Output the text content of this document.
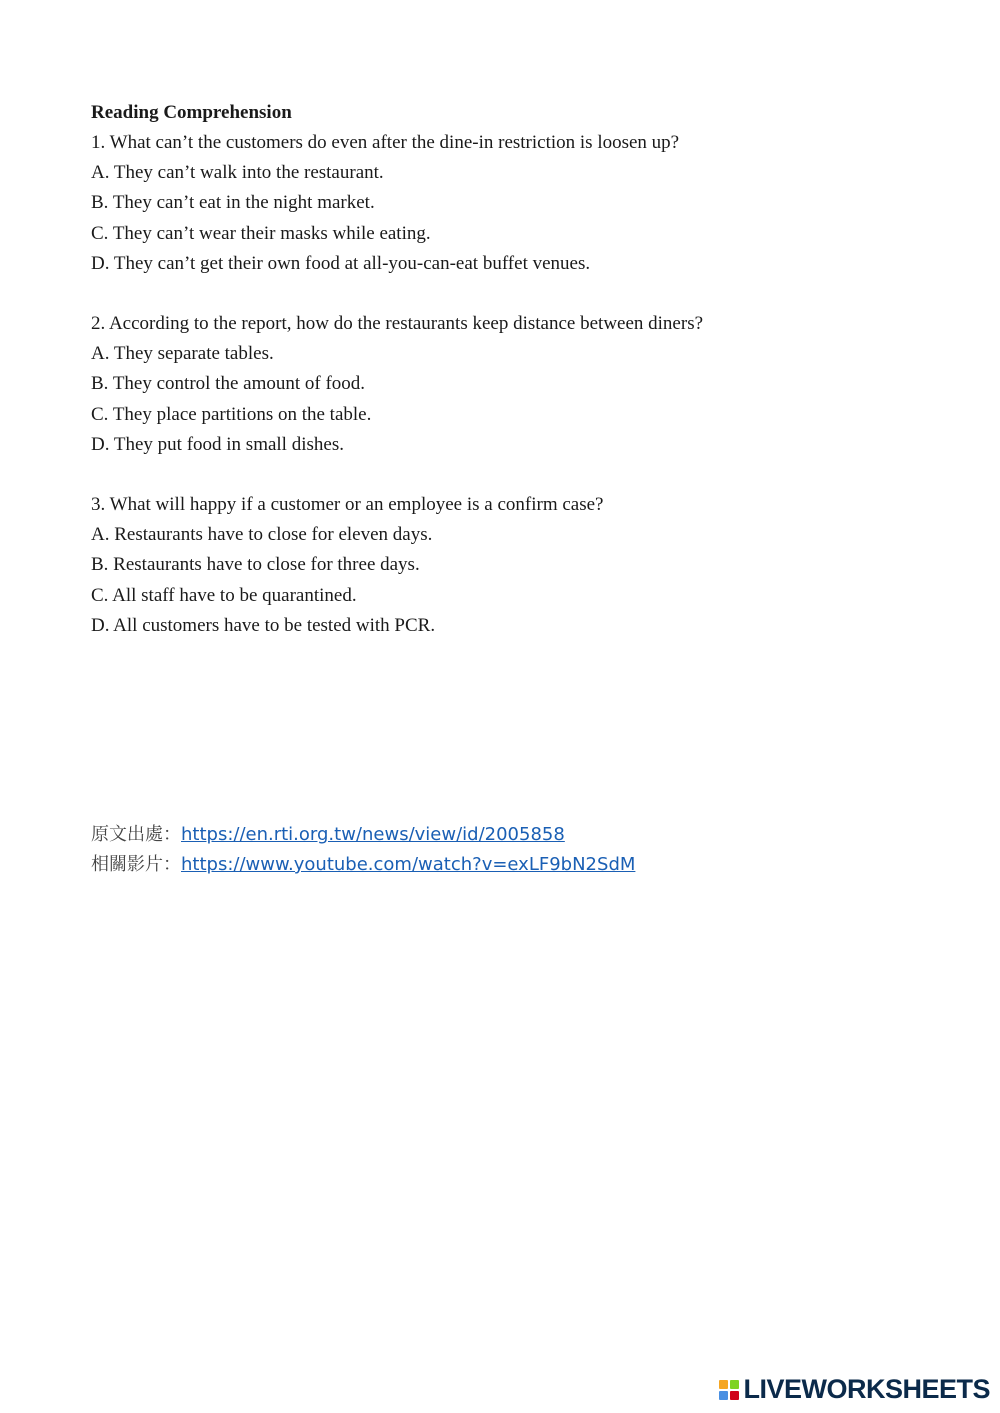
Reading Comprehension

1. What can’t the customers do even after the dine-in restriction is loosen up?

A. They can’t walk into the restaurant.

B. They can’t eat in the night market.

C. They can’t wear their masks while eating.

D. They can’t get their own food at all-you-can-eat buffet venues.

2. According to the report, how do the restaurants keep distance between diners?

A. They separate tables.

B. They control the amount of food.

C. They place partitions on the table.

D. They put food in small dishes.

3. What will happy if a customer or an employee is a confirm case?

A. Restaurants have to close for eleven days.

B. Restaurants have to close for three days.

C. All staff have to be quarantined.

D. All customers have to be tested with PCR.

原文出處：https://en.rti.org.tw/news/view/id/2005858

相關影片：https://www.youtube.com/watch?v=exLF9bN2SdM

LIVEWORKSHEETS
